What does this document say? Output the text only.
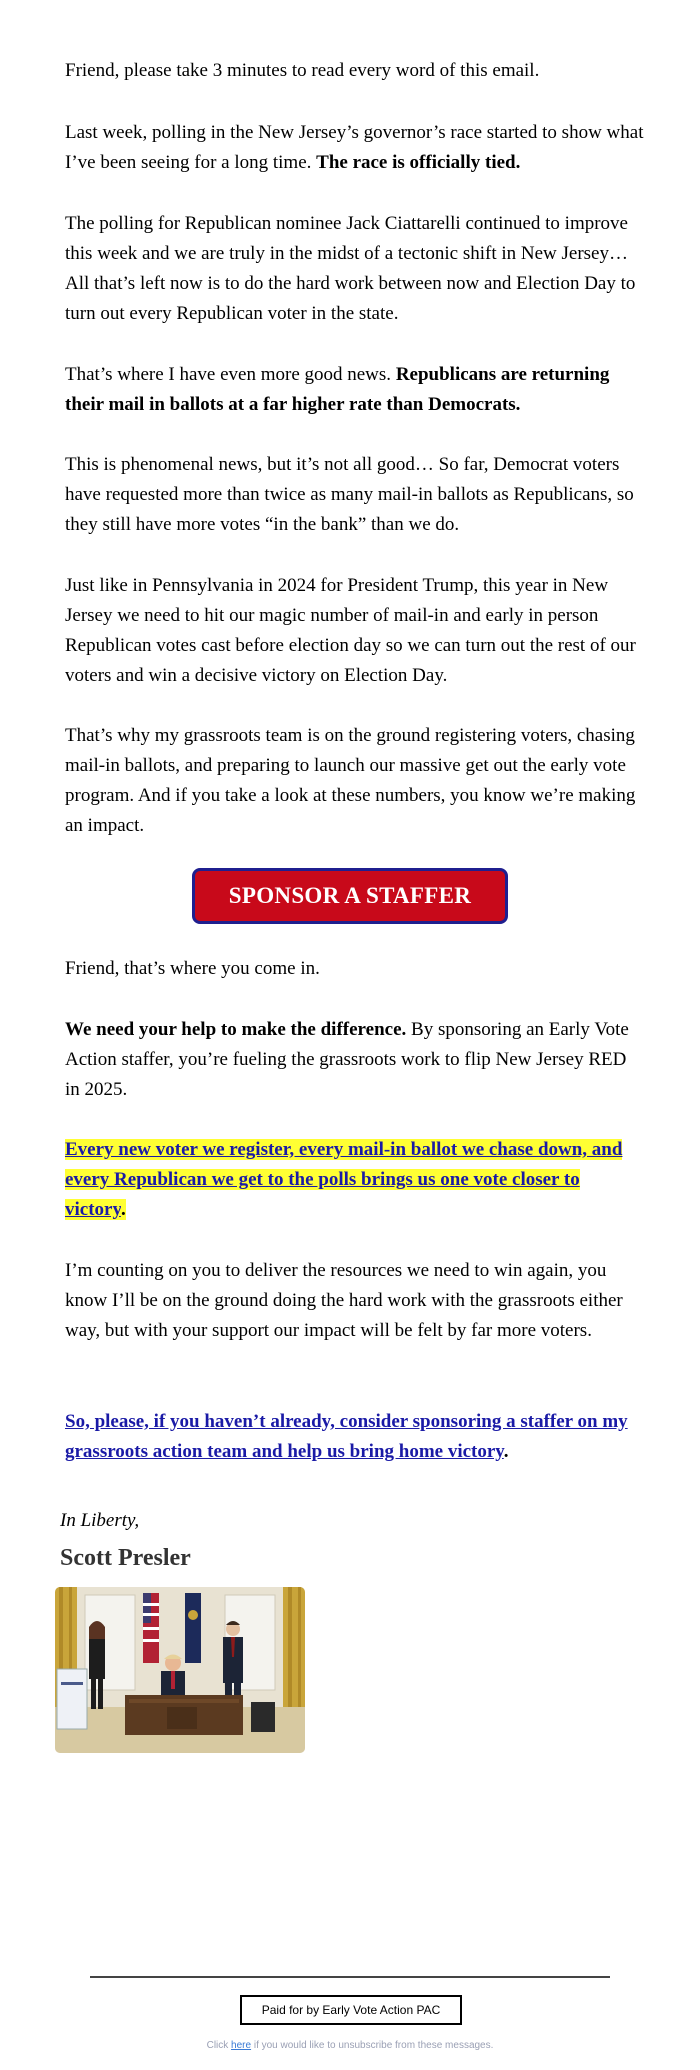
Friend, please take 3 minutes to read every word of this email.

Last week, polling in the New Jersey’s governor’s race started to show what I’ve been seeing for a long time. The race is officially tied.

The polling for Republican nominee Jack Ciattarelli continued to improve this week and we are truly in the midst of a tectonic shift in New Jersey… All that’s left now is to do the hard work between now and Election Day to turn out every Republican voter in the state.

That’s where I have even more good news. Republicans are returning their mail in ballots at a far higher rate than Democrats.

This is phenomenal news, but it’s not all good… So far, Democrat voters have requested more than twice as many mail-in ballots as Republicans, so they still have more votes “in the bank” than we do.

Just like in Pennsylvania in 2024 for President Trump, this year in New Jersey we need to hit our magic number of mail-in and early in person Republican votes cast before election day so we can turn out the rest of our voters and win a decisive victory on Election Day.

That’s why my grassroots team is on the ground registering voters, chasing mail-in ballots, and preparing to launch our massive get out the early vote program. And if you take a look at these numbers, you know we’re making an impact.

Friend, that’s where you come in.

We need your help to make the difference. By sponsoring an Early Vote Action staffer, you’re fueling the grassroots work to flip New Jersey RED in 2025.

Every new voter we register, every mail-in ballot we chase down, and every Republican we get to the polls brings us one vote closer to victory.

I’m counting on you to deliver the resources we need to win again, you know I’ll be on the ground doing the hard work with the grassroots either way, but with your support our impact will be felt by far more voters.

So, please, if you haven’t already, consider sponsoring a staffer on my grassroots action team and help us bring home victory.

SPONSOR A STAFFER
In Liberty,
Scott Presler
Paid for by Early Vote Action PAC
Click here if you would like to unsubscribe from these messages.
